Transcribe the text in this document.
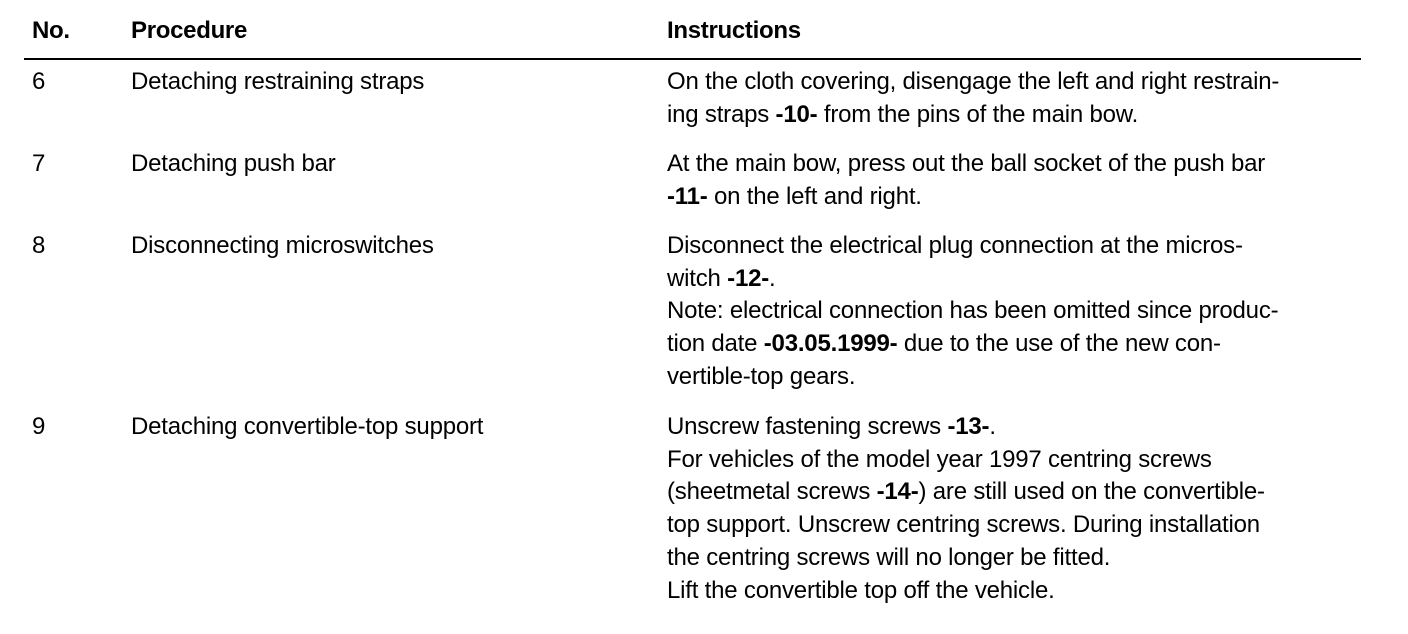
No.	Procedure	Instructions
6	Detaching restraining straps	On the cloth covering, disengage the left and right restrain-
ing straps -10- from the pins of the main bow.
7	Detaching push bar	At the main bow, press out the ball socket of the push bar
-11- on the left and right.
8	Disconnecting microswitches	Disconnect the electrical plug connection at the micros-
witch -12-.
Note: electrical connection has been omitted since produc-
tion date -03.05.1999- due to the use of the new con-
vertible-top gears.
9	Detaching convertible-top support	Unscrew fastening screws -13-.
For vehicles of the model year 1997 centring screws
(sheetmetal screws -14-) are still used on the convertible-
top support. Unscrew centring screws. During installation
the centring screws will no longer be fitted.
Lift the convertible top off the vehicle.
